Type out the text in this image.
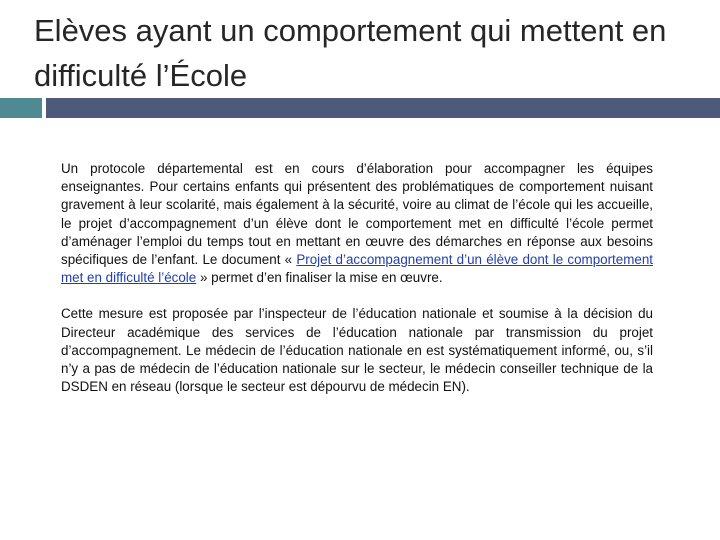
Elèves ayant un comportement qui mettent en difficulté l’École

Un protocole départemental est en cours d’élaboration pour accompagner les équipes enseignantes. Pour certains enfants qui présentent des problématiques de comportement nuisant gravement à leur scolarité, mais également à la sécurité, voire au climat de l’école qui les accueille, le projet d’accompagnement d’un élève dont le comportement met en difficulté l’école permet d’aménager l’emploi du temps tout en mettant en œuvre des démarches en réponse aux besoins spécifiques de l’enfant. Le document « Projet d’accompagnement d’un élève dont le comportement met en difficulté l’école » permet d’en finaliser la mise en œuvre.

Cette mesure est proposée par l’inspecteur de l’éducation nationale et soumise à la décision du Directeur académique des services de l’éducation nationale par transmission du projet d’accompagnement. Le médecin de l’éducation nationale en est systématiquement informé, ou, s’il n’y a pas de médecin de l’éducation nationale sur le secteur, le médecin conseiller technique de la DSDEN en réseau (lorsque le secteur est dépourvu de médecin EN).
